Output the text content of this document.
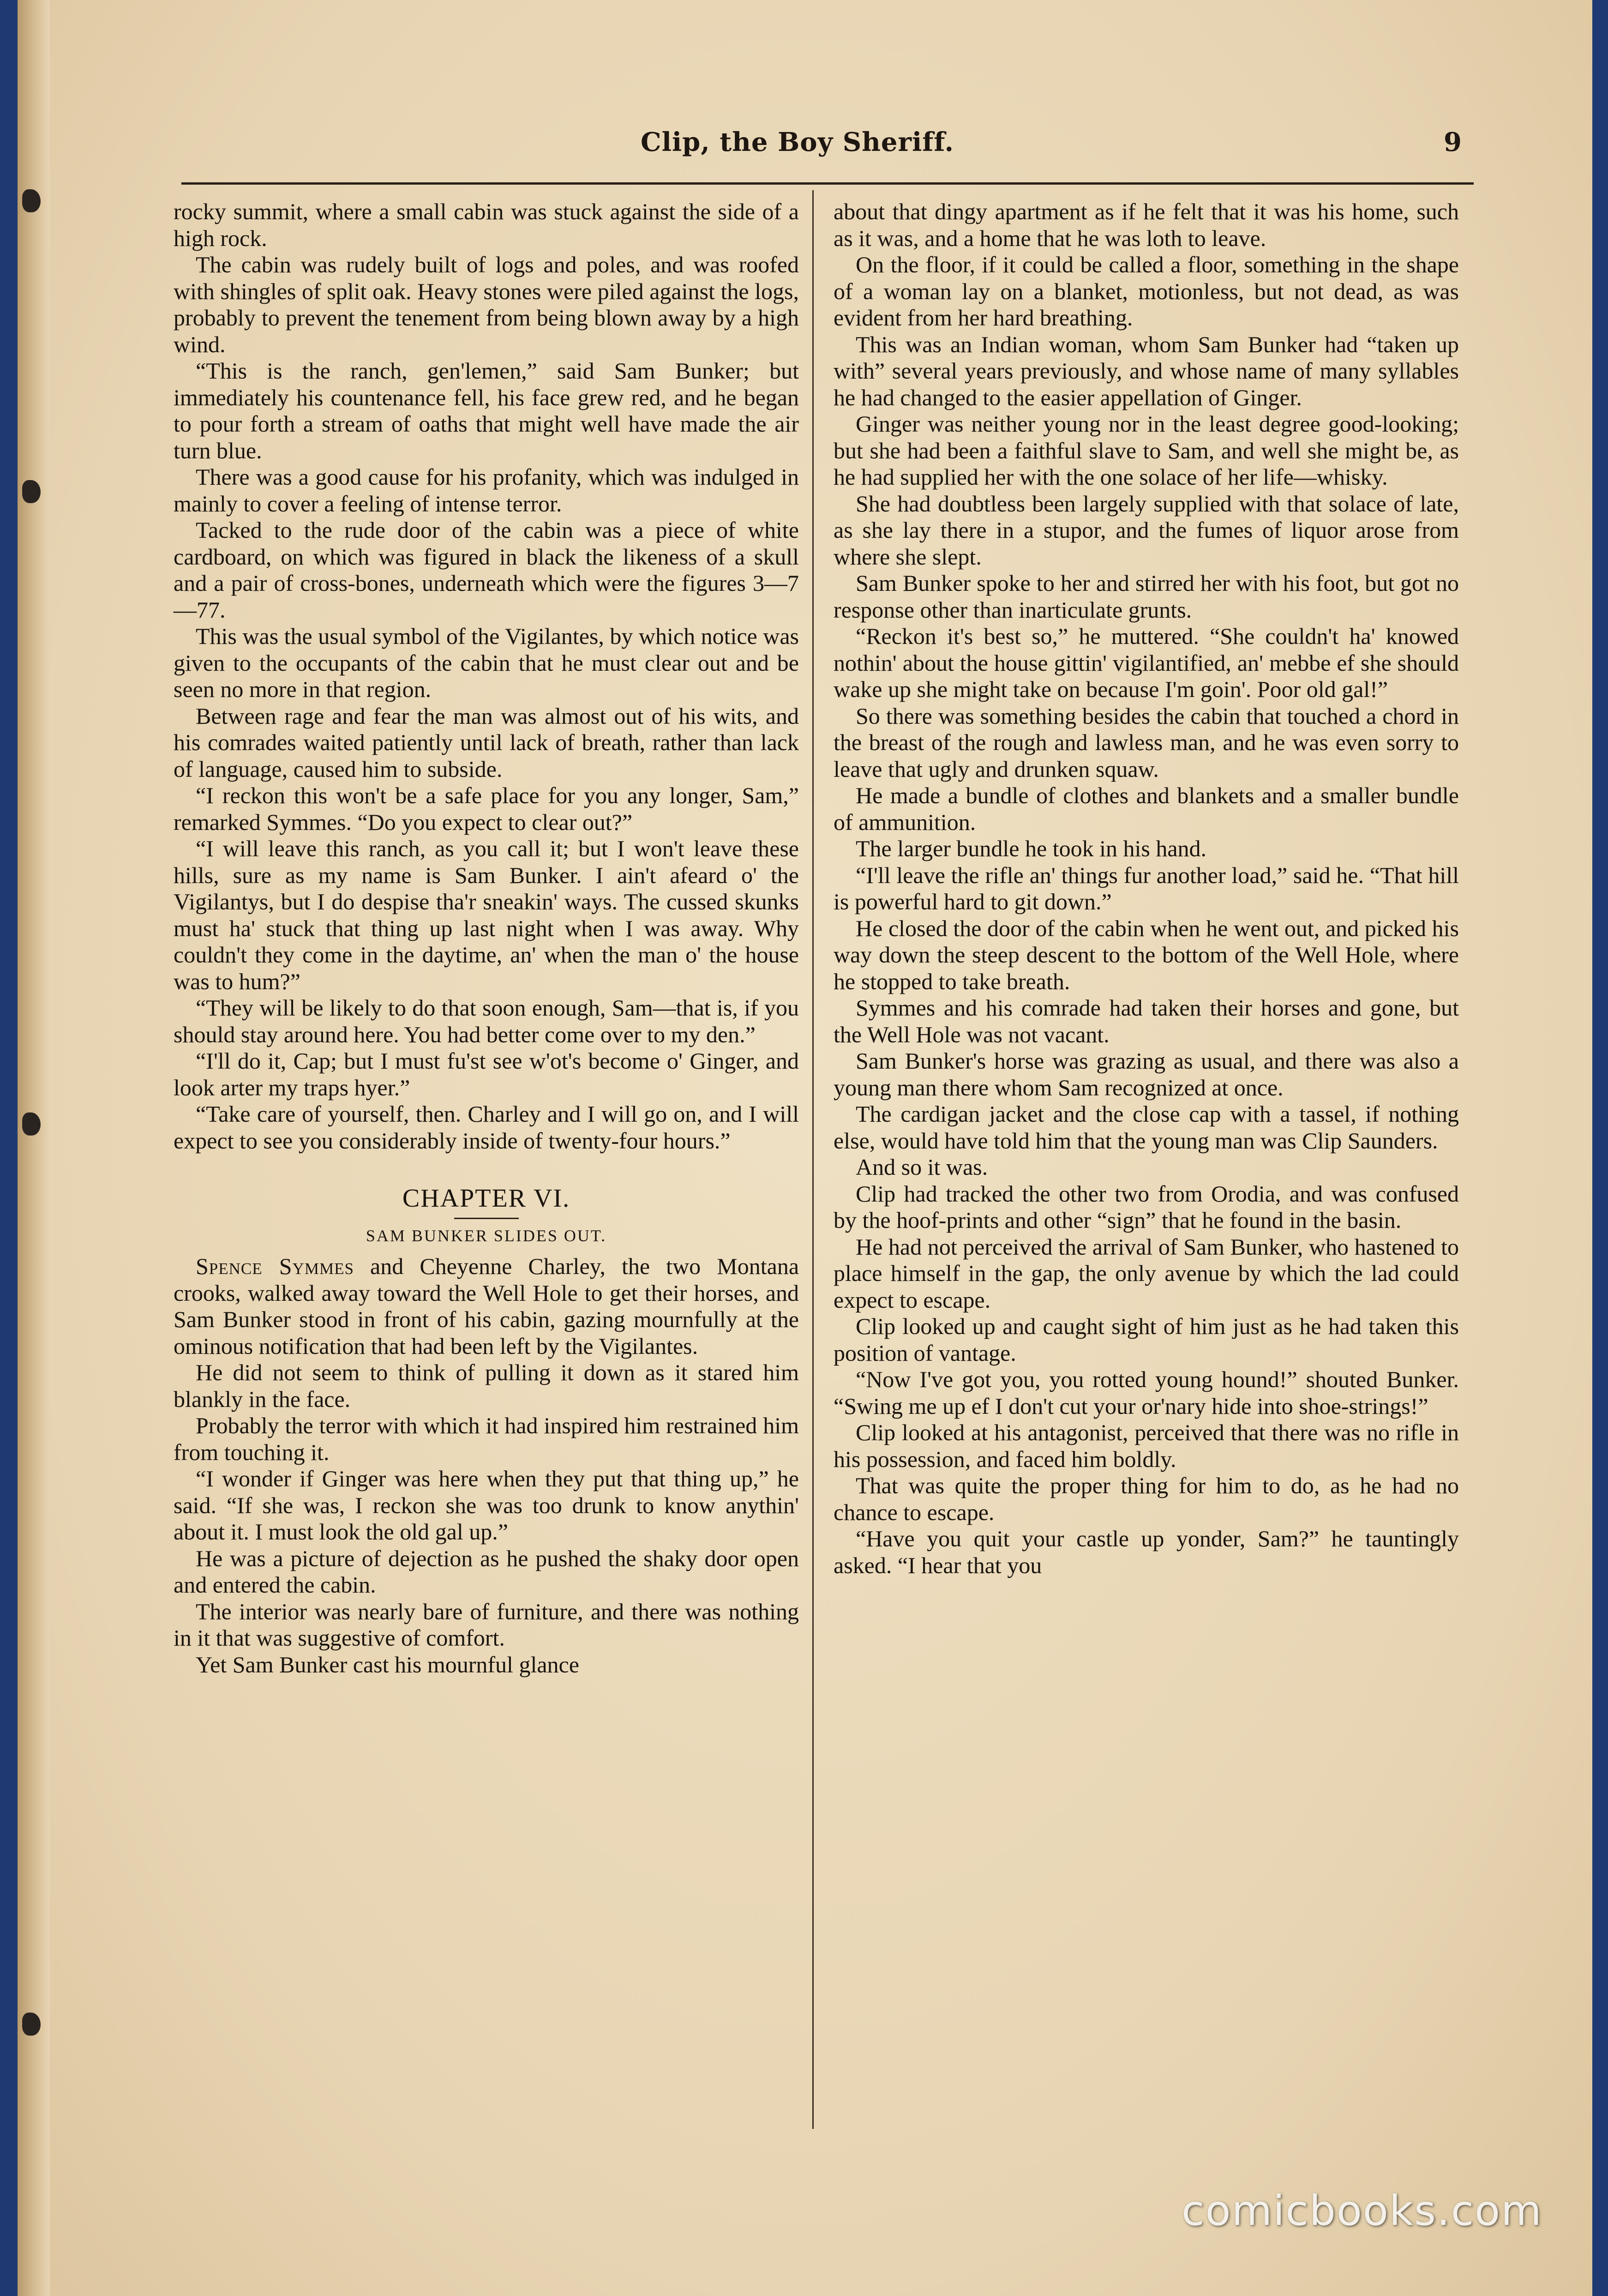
Clip, the Boy Sheriff.	9

rocky summit, where a small cabin was stuck against the side of a high rock.

The cabin was rudely built of logs and poles, and was roofed with shingles of split oak. Heavy stones were piled against the logs, probably to prevent the tenement from being blown away by a high wind.

“This is the ranch, gen'lemen,” said Sam Bunker; but immediately his countenance fell, his face grew red, and he began to pour forth a stream of oaths that might well have made the air turn blue.

There was a good cause for his profanity, which was indulged in mainly to cover a feeling of intense terror.

Tacked to the rude door of the cabin was a piece of white cardboard, on which was figured in black the likeness of a skull and a pair of cross-bones, underneath which were the figures 3—7—77.

This was the usual symbol of the Vigilantes, by which notice was given to the occupants of the cabin that he must clear out and be seen no more in that region.

Between rage and fear the man was almost out of his wits, and his comrades waited patiently until lack of breath, rather than lack of language, caused him to subside.

“I reckon this won't be a safe place for you any longer, Sam,” remarked Symmes. “Do you expect to clear out?”

“I will leave this ranch, as you call it; but I won't leave these hills, sure as my name is Sam Bunker. I ain't afeard o' the Vigilantys, but I do despise tha'r sneakin' ways. The cussed skunks must ha' stuck that thing up last night when I was away. Why couldn't they come in the daytime, an' when the man o' the house was to hum?”

“They will be likely to do that soon enough, Sam—that is, if you should stay around here. You had better come over to my den.”

“I'll do it, Cap; but I must fu'st see w'ot's become o' Ginger, and look arter my traps hyer.”

“Take care of yourself, then. Charley and I will go on, and I will expect to see you considerably inside of twenty-four hours.”

CHAPTER VI.
SAM BUNKER SLIDES OUT.

Spence Symmes and Cheyenne Charley, the two Montana crooks, walked away toward the Well Hole to get their horses, and Sam Bunker stood in front of his cabin, gazing mournfully at the ominous notification that had been left by the Vigilantes.

He did not seem to think of pulling it down as it stared him blankly in the face.

Probably the terror with which it had inspired him restrained him from touching it.

“I wonder if Ginger was here when they put that thing up,” he said. “If she was, I reckon she was too drunk to know anythin' about it. I must look the old gal up.”

He was a picture of dejection as he pushed the shaky door open and entered the cabin.

The interior was nearly bare of furniture, and there was nothing in it that was suggestive of comfort.

Yet Sam Bunker cast his mournful glance

about that dingy apartment as if he felt that it was his home, such as it was, and a home that he was loth to leave.

On the floor, if it could be called a floor, something in the shape of a woman lay on a blanket, motionless, but not dead, as was evident from her hard breathing.

This was an Indian woman, whom Sam Bunker had “taken up with” several years previously, and whose name of many syllables he had changed to the easier appellation of Ginger.

Ginger was neither young nor in the least degree good-looking; but she had been a faithful slave to Sam, and well she might be, as he had supplied her with the one solace of her life—whisky.

She had doubtless been largely supplied with that solace of late, as she lay there in a stupor, and the fumes of liquor arose from where she slept.

Sam Bunker spoke to her and stirred her with his foot, but got no response other than inarticulate grunts.

“Reckon it's best so,” he muttered. “She couldn't ha' knowed nothin' about the house gittin' vigilantified, an' mebbe ef she should wake up she might take on because I'm goin'. Poor old gal!”

So there was something besides the cabin that touched a chord in the breast of the rough and lawless man, and he was even sorry to leave that ugly and drunken squaw.

He made a bundle of clothes and blankets and a smaller bundle of ammunition.

The larger bundle he took in his hand.

“I'll leave the rifle an' things fur another load,” said he. “That hill is powerful hard to git down.”

He closed the door of the cabin when he went out, and picked his way down the steep descent to the bottom of the Well Hole, where he stopped to take breath.

Symmes and his comrade had taken their horses and gone, but the Well Hole was not vacant.

Sam Bunker's horse was grazing as usual, and there was also a young man there whom Sam recognized at once.

The cardigan jacket and the close cap with a tassel, if nothing else, would have told him that the young man was Clip Saunders.

And so it was.

Clip had tracked the other two from Orodia, and was confused by the hoof-prints and other “sign” that he found in the basin.

He had not perceived the arrival of Sam Bunker, who hastened to place himself in the gap, the only avenue by which the lad could expect to escape.

Clip looked up and caught sight of him just as he had taken this position of vantage.

“Now I've got you, you rotted young hound!” shouted Bunker. “Swing me up ef I don't cut your or'nary hide into shoe-strings!”

Clip looked at his antagonist, perceived that there was no rifle in his possession, and faced him boldly.

That was quite the proper thing for him to do, as he had no chance to escape.

“Have you quit your castle up yonder, Sam?” he tauntingly asked. “I hear that you

comicbooks.com
